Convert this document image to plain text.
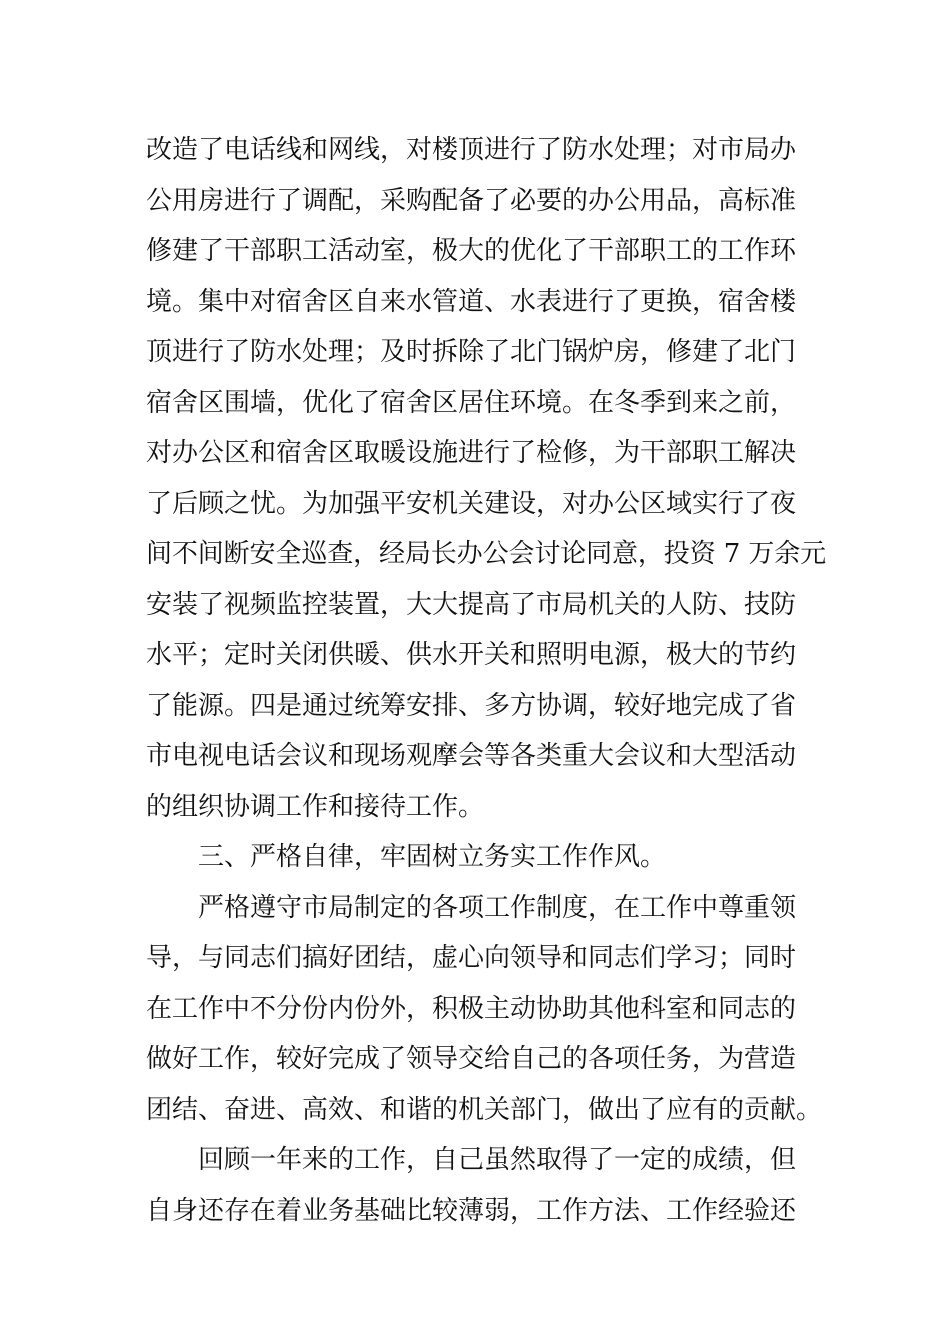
改造了电话线和网线，对楼顶进行了防水处理；对市局办
公用房进行了调配，采购配备了必要的办公用品，高标准
修建了干部职工活动室，极大的优化了干部职工的工作环
境。集中对宿舍区自来水管道、水表进行了更换，宿舍楼
顶进行了防水处理；及时拆除了北门锅炉房，修建了北门
宿舍区围墙，优化了宿舍区居住环境。在冬季到来之前，
对办公区和宿舍区取暖设施进行了检修，为干部职工解决
了后顾之忧。为加强平安机关建设，对办公区域实行了夜
间不间断安全巡查，经局长办公会讨论同意，投资 7 万余元
安装了视频监控装置，大大提高了市局机关的人防、技防
水平；定时关闭供暖、供水开关和照明电源，极大的节约
了能源。四是通过统筹安排、多方协调，较好地完成了省
市电视电话会议和现场观摩会等各类重大会议和大型活动
的组织协调工作和接待工作。
三、严格自律，牢固树立务实工作作风。
严格遵守市局制定的各项工作制度，在工作中尊重领
导，与同志们搞好团结，虚心向领导和同志们学习；同时
在工作中不分份内份外，积极主动协助其他科室和同志的
做好工作，较好完成了领导交给自己的各项任务，为营造
团结、奋进、高效、和谐的机关部门，做出了应有的贡献。
回顾一年来的工作，自己虽然取得了一定的成绩，但
自身还存在着业务基础比较薄弱，工作方法、工作经验还
